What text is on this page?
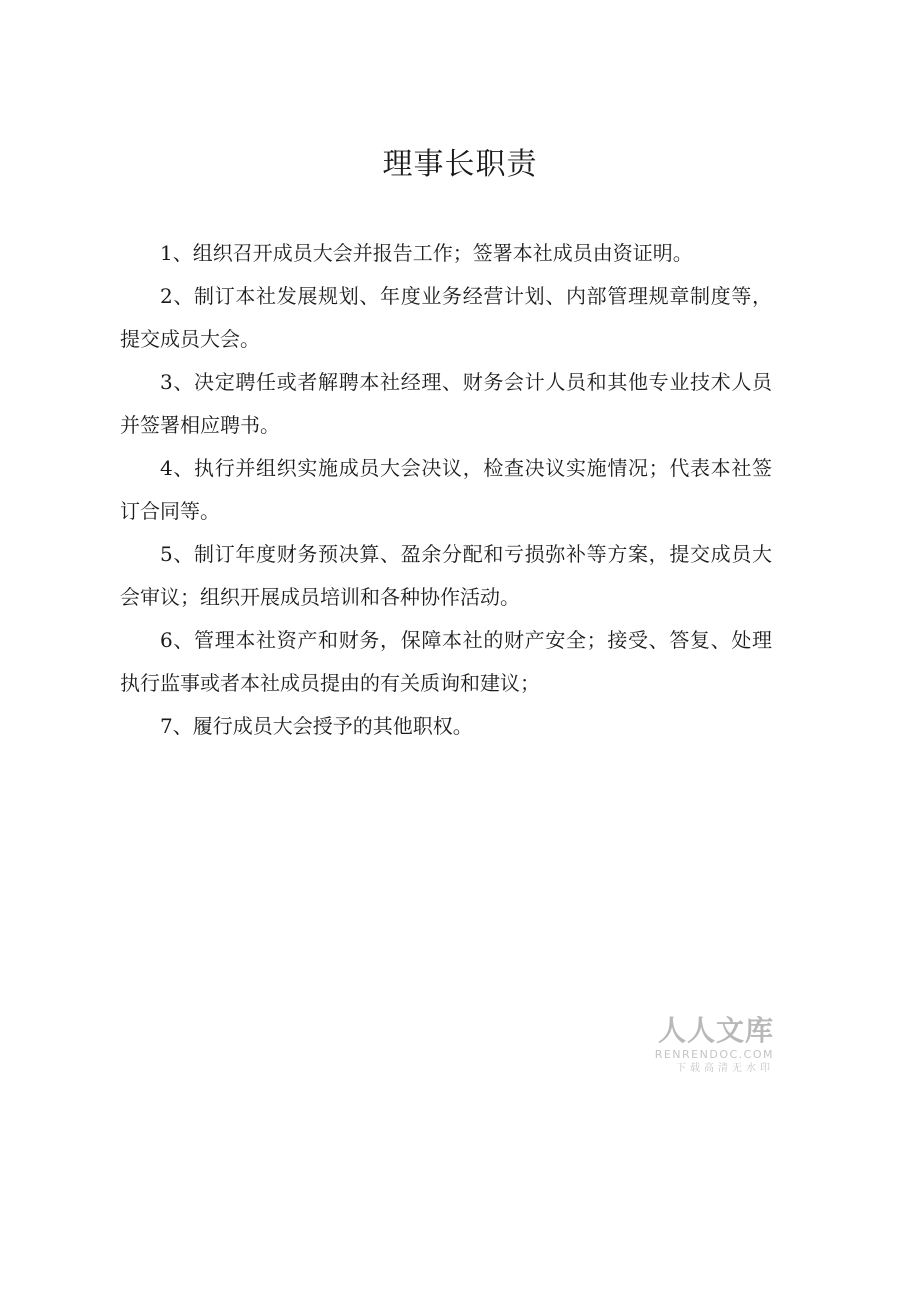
理事长职责

1、组织召开成员大会并报告工作；签署本社成员由资证明。

2、制订本社发展规划、年度业务经营计划、内部管理规章制度等，提交成员大会。

3、决定聘任或者解聘本社经理、财务会计人员和其他专业技术人员并签署相应聘书。

4、执行并组织实施成员大会决议，检查决议实施情况；代表本社签订合同等。

5、制订年度财务预决算、盈余分配和亏损弥补等方案，提交成员大会审议；组织开展成员培训和各种协作活动。

6、管理本社资产和财务，保障本社的财产安全；接受、答复、处理执行监事或者本社成员提由的有关质询和建议；

7、履行成员大会授予的其他职权。

人人文库
RENRENDOC.COM
下载高清无水印
